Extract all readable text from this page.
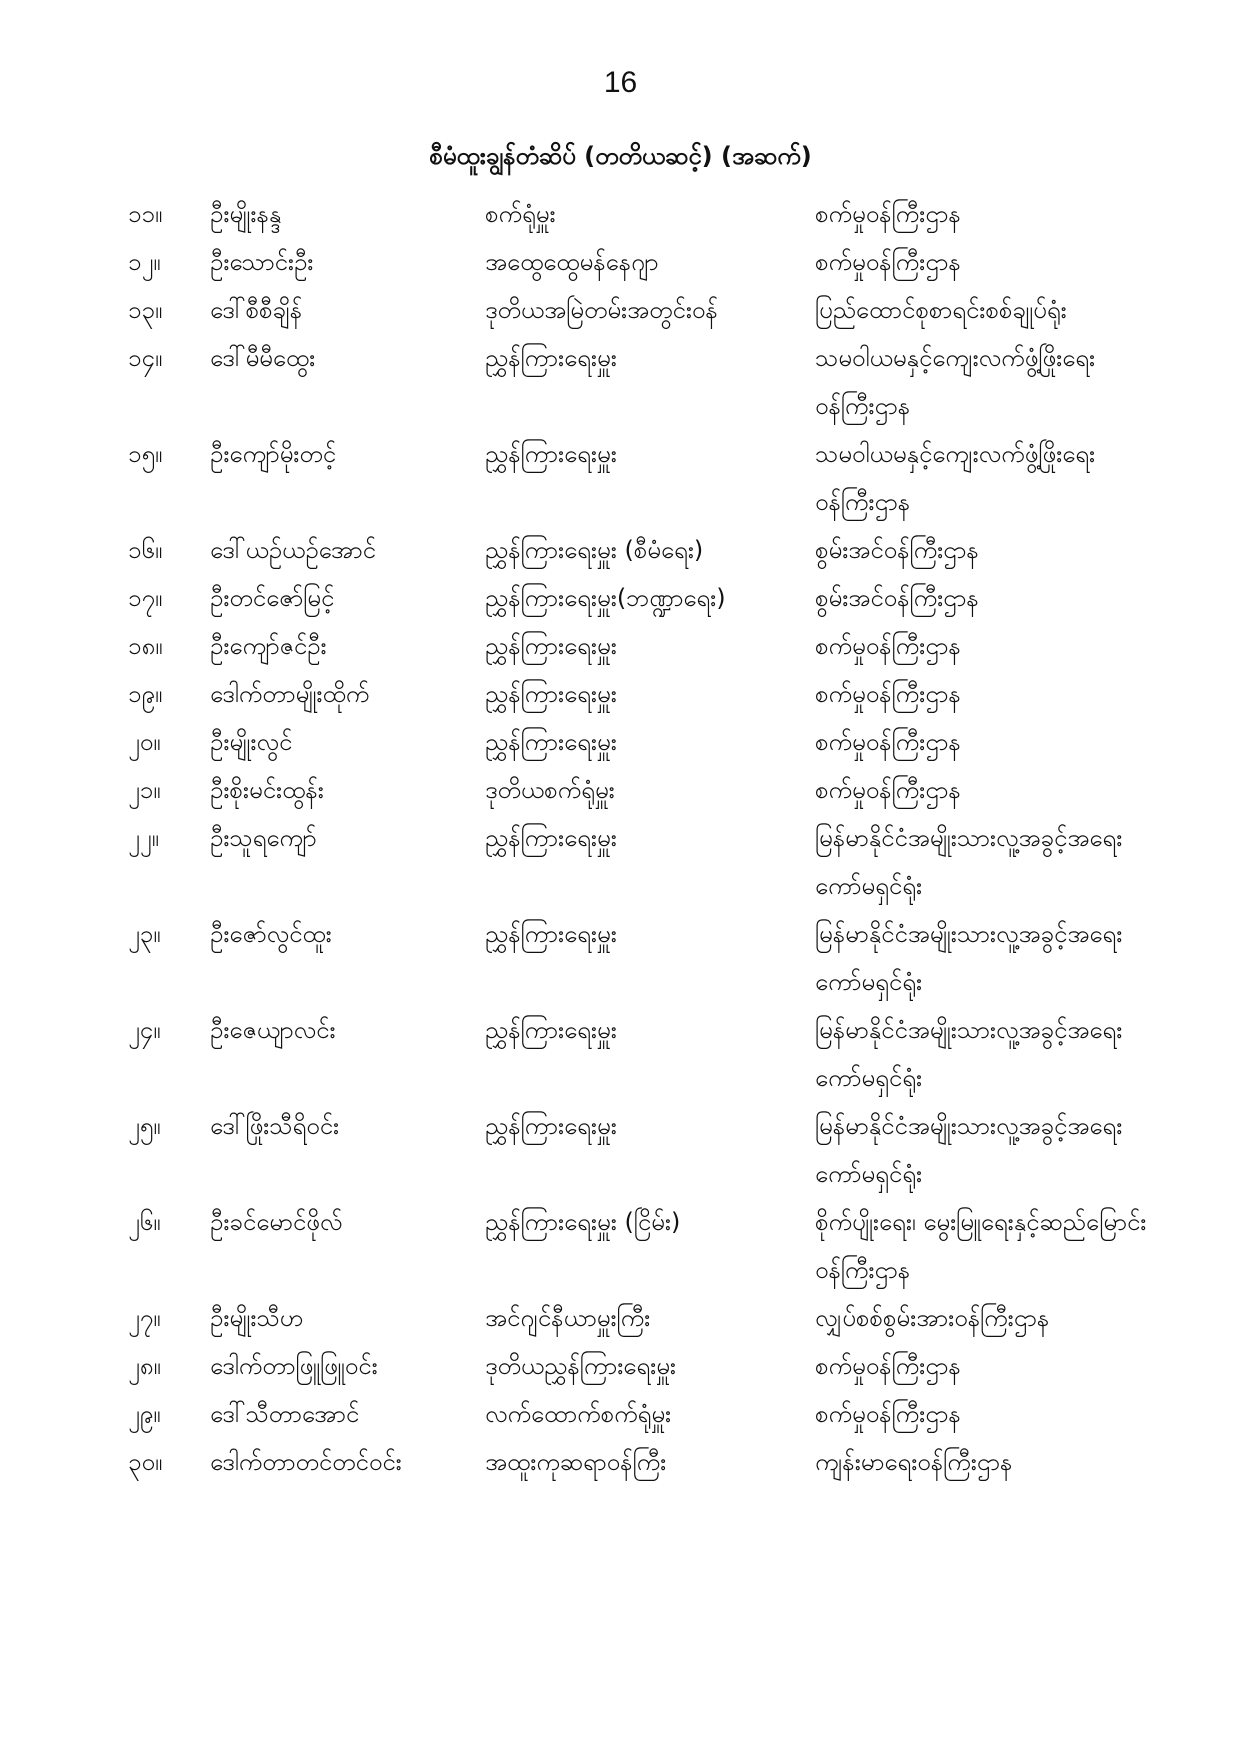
16
စီမံထူးချွန်တံဆိပ် (တတိယဆင့်) (အဆက်)
၁၁။	ဦးမျိုးနန္ဒ	စက်ရုံမှူး	စက်မှုဝန်ကြီးဌာန
၁၂။	ဦးသောင်းဦး	အထွေထွေမန်နေဂျာ	စက်မှုဝန်ကြီးဌာန
၁၃။	ဒေါ်စီစီချိန်	ဒုတိယအမြဲတမ်းအတွင်းဝန်	ပြည်ထောင်စုစာရင်းစစ်ချုပ်ရုံး
၁၄။	ဒေါ်မီမီထွေး	ညွှန်ကြားရေးမှူး	သမဝါယမနှင့်ကျေးလက်ဖွံ့ဖြိုးရေး
ဝန်ကြီးဌာန
၁၅။	ဦးကျော်မိုးတင့်	ညွှန်ကြားရေးမှူး	သမဝါယမနှင့်ကျေးလက်ဖွံ့ဖြိုးရေး
ဝန်ကြီးဌာန
၁၆။	ဒေါ်ယဉ်ယဉ်အောင်	ညွှန်ကြားရေးမှူး (စီမံရေး)	စွမ်းအင်ဝန်ကြီးဌာန
၁၇။	ဦးတင်ဇော်မြင့်	ညွှန်ကြားရေးမှူး(ဘဏ္ဍာရေး)	စွမ်းအင်ဝန်ကြီးဌာန
၁၈။	ဦးကျော်ဇင်ဦး	ညွှန်ကြားရေးမှူး	စက်မှုဝန်ကြီးဌာန
၁၉။	ဒေါက်တာမျိုးထိုက်	ညွှန်ကြားရေးမှူး	စက်မှုဝန်ကြီးဌာန
၂၀။	ဦးမျိုးလွင်	ညွှန်ကြားရေးမှူး	စက်မှုဝန်ကြီးဌာန
၂၁။	ဦးစိုးမင်းထွန်း	ဒုတိယစက်ရုံမှူး	စက်မှုဝန်ကြီးဌာန
၂၂။	ဦးသူရကျော်	ညွှန်ကြားရေးမှူး	မြန်မာနိုင်ငံအမျိုးသားလူ့အခွင့်အရေး
ကော်မရှင်ရုံး
၂၃။	ဦးဇော်လွင်ထူး	ညွှန်ကြားရေးမှူး	မြန်မာနိုင်ငံအမျိုးသားလူ့အခွင့်အရေး
ကော်မရှင်ရုံး
၂၄။	ဦးဇေယျာလင်း	ညွှန်ကြားရေးမှူး	မြန်မာနိုင်ငံအမျိုးသားလူ့အခွင့်အရေး
ကော်မရှင်ရုံး
၂၅။	ဒေါ်ဖြိုးသီရိဝင်း	ညွှန်ကြားရေးမှူး	မြန်မာနိုင်ငံအမျိုးသားလူ့အခွင့်အရေး
ကော်မရှင်ရုံး
၂၆။	ဦးခင်မောင်ဖိုလ်	ညွှန်ကြားရေးမှူး (ငြိမ်း)	စိုက်ပျိုးရေး၊ မွေးမြူရေးနှင့်ဆည်မြောင်း
ဝန်ကြီးဌာန
၂၇။	ဦးမျိုးသီဟ	အင်ဂျင်နီယာမှူးကြီး	လျှပ်စစ်စွမ်းအားဝန်ကြီးဌာန
၂၈။	ဒေါက်တာဖြူဖြူဝင်း	ဒုတိယညွှန်ကြားရေးမှူး	စက်မှုဝန်ကြီးဌာန
၂၉။	ဒေါ်သီတာအောင်	လက်ထောက်စက်ရုံမှူး	စက်မှုဝန်ကြီးဌာန
၃၀။	ဒေါက်တာတင်တင်ဝင်း	အထူးကုဆရာဝန်ကြီး	ကျန်းမာရေးဝန်ကြီးဌာန
